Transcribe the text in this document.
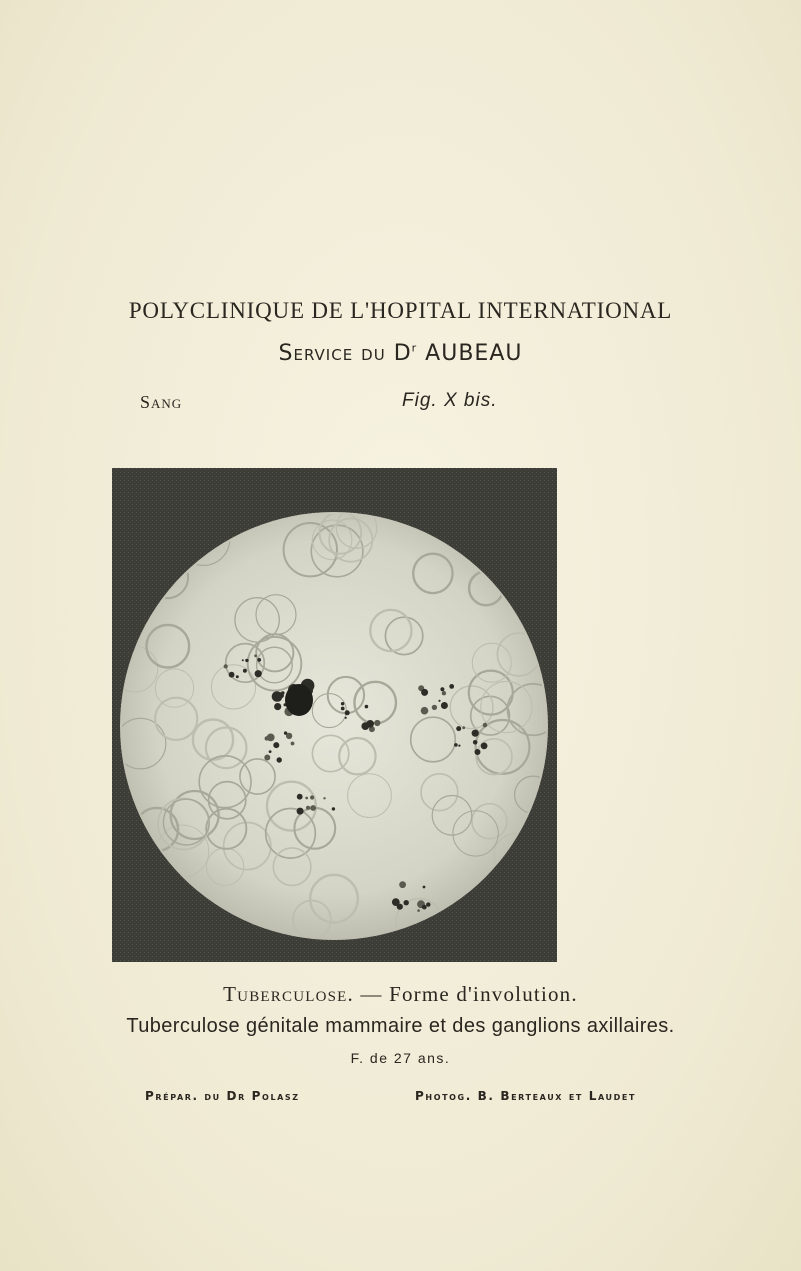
POLYCLINIQUE DE L'HOPITAL INTERNATIONAL
Service du $D^r$ AUBEAU
Sang	Fig. X bis.
Tuberculose. — Forme d'involution.
Tuberculose génitale mammaire et des ganglions axillaires.
F. de 27 ans.
Prépar. du Dr Polasz	Photog. B. Berteaux et Laudet
